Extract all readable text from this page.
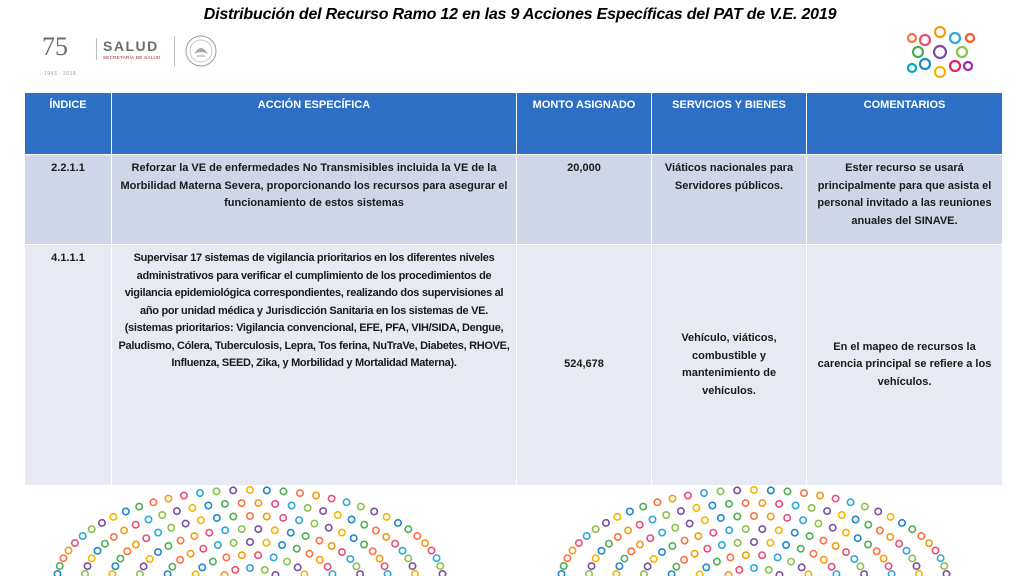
Distribución del Recurso Ramo 12 en las 9 Acciones Específicas del PAT de V.E. 2019
75
1943 · 2018
SALUD
SECRETARÍA DE SALUD
ÍNDICE	ACCIÓN ESPECÍFICA	MONTO ASIGNADO	SERVICIOS Y BIENES	COMENTARIOS
2.2.1.1	Reforzar la VE de enfermedades No Transmisibles incluida la VE de la Morbilidad Materna Severa, proporcionando los recursos para asegurar el funcionamiento de estos sistemas	20,000	Viáticos nacionales para Servidores públicos.	Ester recurso se usará principalmente para que asista el personal invitado a las reuniones anuales del SINAVE.
4.1.1.1	Supervisar 17 sistemas de vigilancia prioritarios en los diferentes niveles administrativos para verificar el cumplimiento de los procedimientos de vigilancia epidemiológica correspondientes, realizando dos supervisiones al año por unidad médica y Jurisdicción Sanitaria en los sistemas de VE. (sistemas prioritarios: Vigilancia convencional, EFE, PFA, VIH/SIDA, Dengue, Paludismo, Cólera, Tuberculosis, Lepra, Tos ferina, NuTraVe, Diabetes, RHOVE, Influenza, SEED, Zika, y Morbilidad y Mortalidad Materna).	524,678	Vehículo, viáticos, combustible y mantenimiento de vehículos.	En el mapeo de recursos la carencia principal se refiere a los vehículos.
